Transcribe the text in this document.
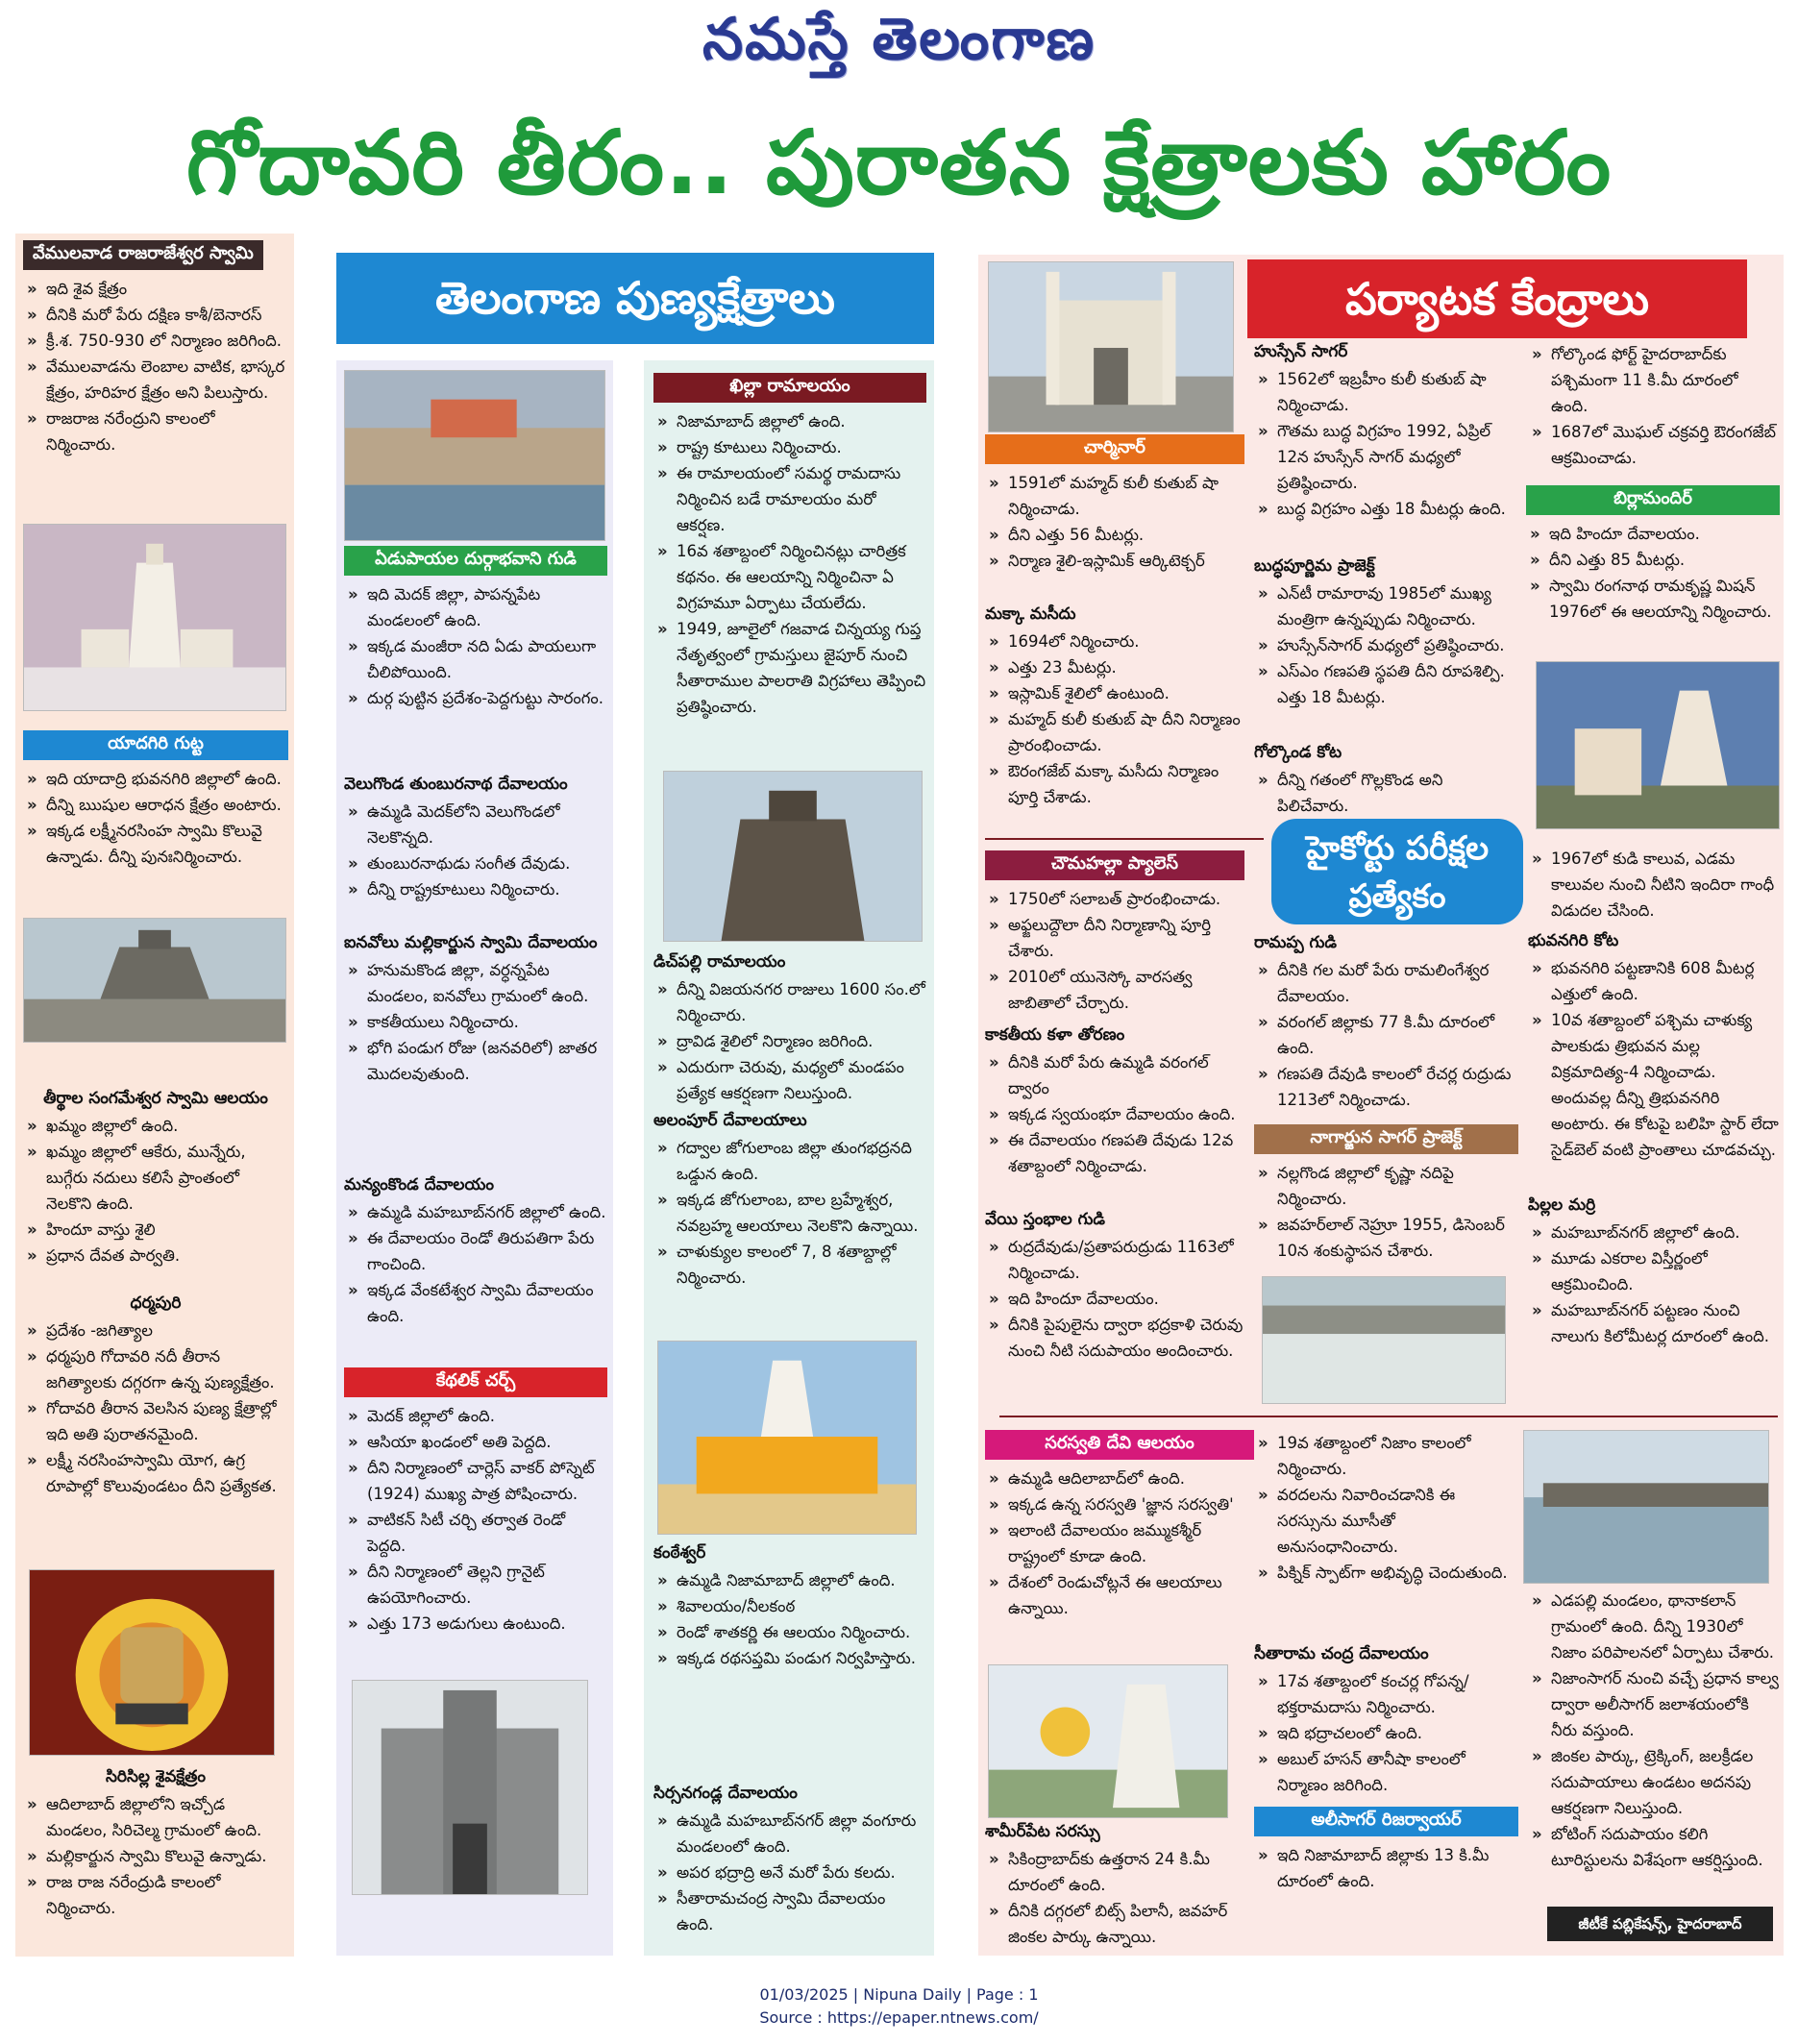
నమస్తే తెలంగాణ
గోదావరి తీరం.. పురాతన క్షేత్రాలకు హారం
తెలంగాణ పుణ్యక్షేత్రాలు	పర్యాటక కేంద్రాలు
హైకోర్టు పరీక్షల
ప్రత్యేకం
వేములవాడ రాజరాజేశ్వర స్వామి
» ఇది శైవ క్షేత్రం
» దీనికి మరో పేరు దక్షిణ కాశీ/బెనారస్
» క్రీ.శ. 750-930 లో నిర్మాణం జరిగింది.
» వేములవాడను లెంబాల వాటిక, భాస్కర క్షేత్రం, హరిహర క్షేత్రం అని పిలుస్తారు.
» రాజరాజ నరేంద్రుని కాలంలో నిర్మించారు.
యాదగిరి గుట్ట
» ఇది యాదాద్రి భువనగిరి జిల్లాలో ఉంది.
» దీన్ని ఋషుల ఆరాధన క్షేత్రం అంటారు.
» ఇక్కడ లక్ష్మీనరసింహ స్వామి కొలువై ఉన్నాడు. దీన్ని పునఃనిర్మించారు.
తీర్థాల సంగమేశ్వర స్వామి ఆలయం
» ఖమ్మం జిల్లాలో ఉంది.
» ఖమ్మం జిల్లాలో ఆకేరు, మున్నేరు, బుగ్గేరు నదులు కలిసే ప్రాంతంలో నెలకొని ఉంది.
» హిందూ వాస్తు శైలి
» ప్రధాన దేవత పార్వతి.
ధర్మపురి
» ప్రదేశం -జగిత్యాల
» ధర్మపురి గోదావరి నదీ తీరాన జగిత్యాలకు దగ్గరగా ఉన్న పుణ్యక్షేత్రం.
» గోదావరి తీరాన వెలసిన పుణ్య క్షేత్రాల్లో ఇది అతి పురాతనమైంది.
» లక్ష్మీ నరసింహస్వామి యోగ, ఉగ్ర రూపాల్లో కొలువుండటం దీని ప్రత్యేకత.
సిరిసిల్ల శైవక్షేత్రం
» ఆదిలాబాద్ జిల్లాలోని ఇచ్చోడ మండలం, సిరిచెల్మ గ్రామంలో ఉంది.
» మల్లికార్జున స్వామి కొలువై ఉన్నాడు.
» రాజ రాజ నరేంద్రుడి కాలంలో నిర్మించారు.
ఏడుపాయల దుర్గాభవాని గుడి
» ఇది మెదక్ జిల్లా, పాపన్నపేట మండలంలో ఉంది.
» ఇక్కడ మంజీరా నది ఏడు పాయలుగా చీలిపోయింది.
» దుర్గ పుట్టిన ప్రదేశం-పెద్దగుట్టు సారంగం.
వెలుగొండ తుంబురనాథ దేవాలయం
» ఉమ్మడి మెదక్‌లోని వెలుగొండలో నెలకొన్నది.
» తుంబురనాథుడు సంగీత దేవుడు.
» దీన్ని రాష్ట్రకూటులు నిర్మించారు.
ఐనవోలు మల్లికార్జున స్వామి దేవాలయం
» హనుమకొండ జిల్లా, వర్ధన్నపేట మండలం, ఐనవోలు గ్రామంలో ఉంది.
» కాకతీయులు నిర్మించారు.
» భోగి పండుగ రోజు (జనవరిలో) జాతర మొదలవుతుంది.
మన్యంకొండ దేవాలయం
» ఉమ్మడి మహబూబ్‌నగర్ జిల్లాలో ఉంది.
» ఈ దేవాలయం రెండో తిరుపతిగా పేరు గాంచింది.
» ఇక్కడ వేంకటేశ్వర స్వామి దేవాలయం ఉంది.
కేథలిక్ చర్చ్
» మెదక్ జిల్లాలో ఉంది.
» ఆసియా ఖండంలో అతి పెద్దది.
» దీని నిర్మాణంలో చార్లెస్ వాకర్ పోస్నెట్ (1924) ముఖ్య పాత్ర పోషించారు.
» వాటికన్ సిటీ చర్చి తర్వాత రెండో పెద్దది.
» దీని నిర్మాణంలో తెల్లని గ్రానైట్ ఉపయోగించారు.
» ఎత్తు 173 అడుగులు ఉంటుంది.
ఖిల్లా రామాలయం
» నిజామాబాద్ జిల్లాలో ఉంది.
» రాష్ట్ర కూటులు నిర్మించారు.
» ఈ రామాలయంలో సమర్థ రామదాసు నిర్మించిన బడే రామాలయం మరో ఆకర్షణ.
» 16వ శతాబ్దంలో నిర్మించినట్లు చారిత్రక కథనం. ఈ ఆలయాన్ని నిర్మించినా ఏ విగ్రహమూ ఏర్పాటు చేయలేదు.
» 1949, జూలైలో గజవాడ చిన్నయ్య గుప్త నేతృత్వంలో గ్రామస్తులు జైపూర్ నుంచి సీతారాముల పాలరాతి విగ్రహాలు తెప్పించి ప్రతిష్ఠించారు.
డిచ్‌పల్లి రామాలయం
» దీన్ని విజయనగర రాజులు 1600 సం.లో నిర్మించారు.
» ద్రావిడ శైలిలో నిర్మాణం జరిగింది.
» ఎదురుగా చెరువు, మధ్యలో మండపం ప్రత్యేక ఆకర్షణగా నిలుస్తుంది.
అలంపూర్ దేవాలయాలు
» గద్వాల జోగులాంబ జిల్లా తుంగభద్రనది ఒడ్డున ఉంది.
» ఇక్కడ జోగులాంబ, బాల బ్రహ్మేశ్వర, నవబ్రహ్మ ఆలయాలు నెలకొని ఉన్నాయి.
» చాళుక్యుల కాలంలో 7, 8 శతాబ్దాల్లో నిర్మించారు.
కంఠేశ్వర్
» ఉమ్మడి నిజామాబాద్ జిల్లాలో ఉంది.
» శివాలయం/నీలకంఠ
» రెండో శాతకర్ణి ఈ ఆలయం నిర్మించారు.
» ఇక్కడ రథసప్తమి పండుగ నిర్వహిస్తారు.
సిర్సనగండ్ల దేవాలయం
» ఉమ్మడి మహబూబ్‌నగర్ జిల్లా వంగూరు మండలంలో ఉంది.
» అపర భద్రాద్రి అనే మరో పేరు కలదు.
» సీతారామచంద్ర స్వామి దేవాలయం ఉంది.
చార్మినార్
» 1591లో మహ్మద్ కులీ కుతుబ్ షా నిర్మించాడు.
» దీని ఎత్తు 56 మీటర్లు.
» నిర్మాణ శైలి-ఇస్లామిక్ ఆర్కిటెక్చర్
మక్కా మసీదు
» 1694లో నిర్మించారు.
» ఎత్తు 23 మీటర్లు.
» ఇస్లామిక్ శైలిలో ఉంటుంది.
» మహ్మద్ కులీ కుతుబ్ షా దీని నిర్మాణం ప్రారంభించాడు.
» ఔరంగజేబ్ మక్కా మసీదు నిర్మాణం పూర్తి చేశాడు.
హుస్సేన్ సాగర్
» 1562లో ఇబ్రహీం కులీ కుతుబ్ షా నిర్మించాడు.
» గౌతమ బుద్ధ విగ్రహం 1992, ఏప్రిల్ 12న హుస్సేన్ సాగర్ మధ్యలో ప్రతిష్ఠించారు.
» బుద్ధ విగ్రహం ఎత్తు 18 మీటర్లు ఉంది.
బుద్ధపూర్ణిమ ప్రాజెక్ట్
» ఎన్‌టీ రామారావు 1985లో ముఖ్య మంత్రిగా ఉన్నప్పుడు నిర్మించారు.
» హుస్సేన్‌సాగర్ మధ్యలో ప్రతిష్ఠించారు.
» ఎస్ఎం గణపతి స్థపతి దీని రూపశిల్పి. ఎత్తు 18 మీటర్లు.
గోల్కొండ కోట
» దీన్ని గతంలో గొల్లకొండ అని పిలిచేవారు.
» గోల్కొండ ఫోర్ట్ హైదరాబాద్‌కు పశ్చిమంగా 11 కి.మీ దూరంలో ఉంది.
» 1687లో మొఘల్ చక్రవర్తి ఔరంగజేబ్ ఆక్రమించాడు.
బిర్లామందిర్
» ఇది హిందూ దేవాలయం.
» దీని ఎత్తు 85 మీటర్లు.
» స్వామి రంగనాథ రామకృష్ణ మిషన్ 1976లో ఈ ఆలయాన్ని నిర్మించారు.
చౌమహల్లా ప్యాలెస్
» 1750లో సలాబత్ ప్రారంభించాడు.
» అఫ్జలుద్దౌలా దీని నిర్మాణాన్ని పూర్తి చేశారు.
» 2010లో యునెస్కో వారసత్వ జాబితాలో చేర్చారు.
కాకతీయ కళా తోరణం
» దీనికి మరో పేరు ఉమ్మడి వరంగల్ ద్వారం
» ఇక్కడ స్వయంభూ దేవాలయం ఉంది.
» ఈ దేవాలయం గణపతి దేవుడు 12వ శతాబ్దంలో నిర్మించాడు.
వేయి స్తంభాల గుడి
» రుద్రదేవుడు/ప్రతాపరుద్రుడు 1163లో నిర్మించాడు.
» ఇది హిందూ దేవాలయం.
» దీనికి పైపులైను ద్వారా భద్రకాళి చెరువు నుంచి నీటి సదుపాయం అందించారు.
రామప్ప గుడి
» దీనికి గల మరో పేరు రామలింగేశ్వర దేవాలయం.
» వరంగల్ జిల్లాకు 77 కి.మీ దూరంలో ఉంది.
» గణపతి దేవుడి కాలంలో రేచర్ల రుద్రుడు 1213లో నిర్మించాడు.
నాగార్జున సాగర్ ప్రాజెక్ట్
» నల్లగొండ జిల్లాలో కృష్ణా నదిపై నిర్మించారు.
» జవహర్‌లాల్ నెహ్రూ 1955, డిసెంబర్ 10న శంకుస్థాపన చేశారు.
» 1967లో కుడి కాలువ, ఎడమ కాలువల నుంచి నీటిని ఇందిరా గాంధీ విడుదల చేసింది.
భువనగిరి కోట
» భువనగిరి పట్టణానికి 608 మీటర్ల ఎత్తులో ఉంది.
» 10వ శతాబ్దంలో పశ్చిమ చాళుక్య పాలకుడు త్రిభువన మల్ల విక్రమాదిత్య-4 నిర్మించాడు. అందువల్ల దీన్ని త్రిభువనగిరి అంటారు. ఈ కోటపై బలిహి స్టార్ లేదా సైడ్‌బెల్ వంటి ప్రాంతాలు చూడవచ్చు.
పిల్లల మర్రి
» మహబూబ్‌నగర్ జిల్లాలో ఉంది.
» మూడు ఎకరాల విస్తీర్ణంలో ఆక్రమించింది.
» మహబూబ్‌నగర్ పట్టణం నుంచి నాలుగు కిలోమీటర్ల దూరంలో ఉంది.
సరస్వతి దేవి ఆలయం
» ఉమ్మడి ఆదిలాబాద్‌లో ఉంది.
» ఇక్కడ ఉన్న సరస్వతి 'జ్ఞాన సరస్వతి'
» ఇలాంటి దేవాలయం జమ్ముకశ్మీర్ రాష్ట్రంలో కూడా ఉంది.
» దేశంలో రెండుచోట్లనే ఈ ఆలయాలు ఉన్నాయి.
శామీర్‌పేట సరస్సు
» సికింద్రాబాద్‌కు ఉత్తరాన 24 కి.మీ దూరంలో ఉంది.
» దీనికి దగ్గరలో బిట్స్ పిలానీ, జవహర్ జింకల పార్కు ఉన్నాయి.
» 19వ శతాబ్దంలో నిజాం కాలంలో నిర్మించారు.
» వరదలను నివారించడానికి ఈ సరస్సును మూసీతో అనుసంధానించారు.
» పిక్నిక్ స్పాట్‌గా అభివృద్ధి చెందుతుంది.
సీతారామ చంద్ర దేవాలయం
» 17వ శతాబ్దంలో కంచర్ల గోపన్న/భక్తరామదాసు నిర్మించారు.
» ఇది భద్రాచలంలో ఉంది.
» అబుల్ హసన్ తానీషా కాలంలో నిర్మాణం జరిగింది.
అలీసాగర్ రిజర్వాయర్
» ఇది నిజామాబాద్ జిల్లాకు 13 కి.మీ దూరంలో ఉంది.
» ఎడపల్లి మండలం, థానాకలాన్ గ్రామంలో ఉంది. దీన్ని 1930లో నిజాం పరిపాలనలో ఏర్పాటు చేశారు.
» నిజాంసాగర్ నుంచి వచ్చే ప్రధాన కాల్వ ద్వారా అలీసాగర్ జలాశయంలోకి నీరు వస్తుంది.
» జింకల పార్కు, ట్రెక్కింగ్, జలక్రీడల సదుపాయాలు ఉండటం అదనపు ఆకర్షణగా నిలుస్తుంది.
» బోటింగ్ సదుపాయం కలిగి టూరిస్టులను విశేషంగా ఆకర్షిస్తుంది.
జీటీకే పబ్లికేషన్స్, హైదరాబాద్
01/03/2025 | Nipuna Daily | Page : 1
Source : https://epaper.ntnews.com/
